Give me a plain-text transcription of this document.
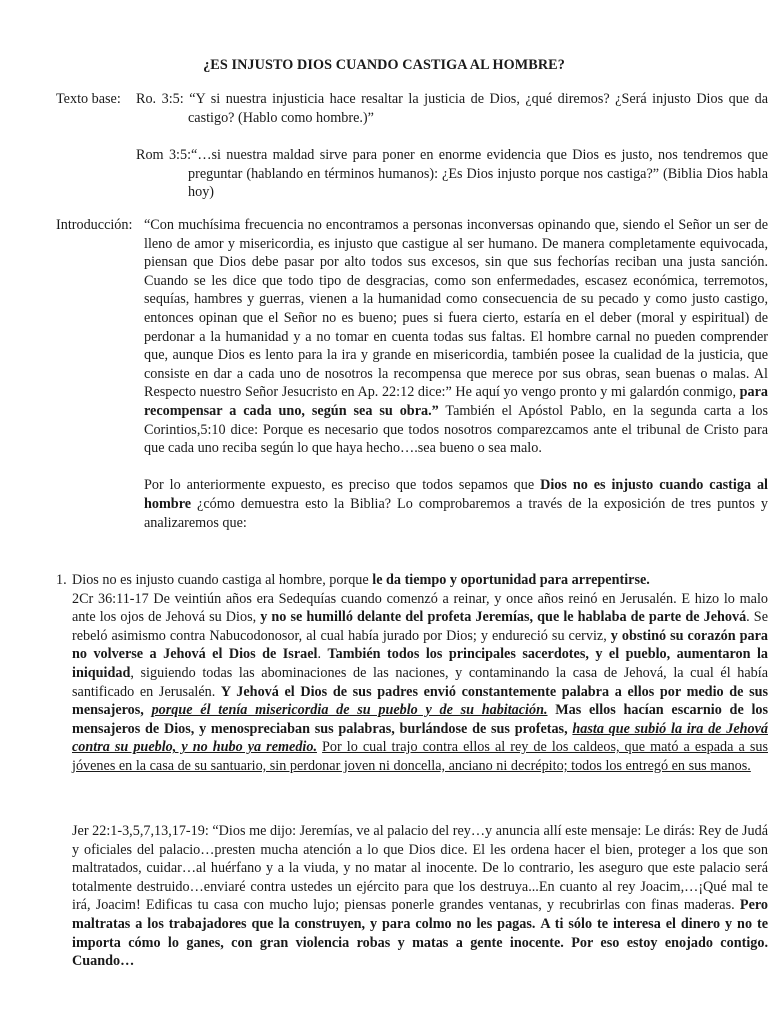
¿ES INJUSTO DIOS CUANDO CASTIGA AL HOMBRE?
Texto base: Ro. 3:5: “Y si nuestra injusticia hace resaltar la justicia de Dios, ¿qué diremos? ¿Será injusto Dios que da castigo? (Hablo como hombre.)”

Rom 3:5:“…si nuestra maldad sirve para poner en enorme evidencia que Dios es justo, nos tendremos que preguntar (hablando en términos humanos): ¿Es Dios injusto porque nos castiga?” (Biblia Dios habla hoy)
Introducción: “Con muchísima frecuencia no encontramos a personas inconversas opinando que, siendo el Señor un ser de lleno de amor y misericordia, es injusto que castigue al ser humano. De manera completamente equivocada, piensan que Dios debe pasar por alto todos sus excesos, sin que sus fechorías reciban una justa sanción. Cuando se les dice que todo tipo de desgracias, como son enfermedades, escasez económica, terremotos, sequías, hambres y guerras, vienen a la humanidad como consecuencia de su pecado y como justo castigo, entonces opinan que el Señor no es bueno; pues si fuera cierto, estaría en el deber (moral y espiritual) de perdonar a la humanidad y a no tomar en cuenta todas sus faltas. El hombre carnal no pueden comprender que, aunque Dios es lento para la ira y grande en misericordia, también posee la cualidad de la justicia, que consiste en dar a cada uno de nosotros la recompensa que merece por sus obras, sean buenas o malas. Al Respecto nuestro Señor Jesucristo en Ap. 22:12 dice:” He aquí yo vengo pronto y mi galardón conmigo, para recompensar a cada uno, según sea su obra.” También el Apóstol Pablo, en la segunda carta a los Corintios,5:10 dice: Porque es necesario que todos nosotros comparezcamos ante el tribunal de Cristo para que cada uno reciba según lo que haya hecho….sea bueno o sea malo.

Por lo anteriormente expuesto, es preciso que todos sepamos que Dios no es injusto cuando castiga al hombre ¿cómo demuestra esto la Biblia? Lo comprobaremos a través de la exposición de tres puntos y analizaremos que:

1. Dios no es injusto cuando castiga al hombre, porque le da tiempo y oportunidad para arrepentirse.

2Cr 36:11-17 De veintiún años era Sedequías cuando comenzó a reinar, y once años reinó en Jerusalén. E hizo lo malo ante los ojos de Jehová su Dios, y no se humilló delante del profeta Jeremías, que le hablaba de parte de Jehová. Se rebeló asimismo contra Nabucodonosor, al cual había jurado por Dios; y endureció su cerviz, y obstinó su corazón para no volverse a Jehová el Dios de Israel. También todos los principales sacerdotes, y el pueblo, aumentaron la iniquidad, siguiendo todas las abominaciones de las naciones, y contaminando la casa de Jehová, la cual él había santificado en Jerusalén. Y Jehová el Dios de sus padres envió constantemente palabra a ellos por medio de sus mensajeros, porque él tenía misericordia de su pueblo y de su habitación. Mas ellos hacían escarnio de los mensajeros de Dios, y menospreciaban sus palabras, burlándose de sus profetas, hasta que subió la ira de Jehová contra su pueblo, y no hubo ya remedio. Por lo cual trajo contra ellos al rey de los caldeos, que mató a espada a sus jóvenes en la casa de su santuario, sin perdonar joven ni doncella, anciano ni decrépito; todos los entregó en sus manos.

Jer 22:1-3,5,7,13,17-19: “Dios me dijo: Jeremías, ve al palacio del rey…y anuncia allí este mensaje: Le dirás: Rey de Judá y oficiales del palacio…presten mucha atención a lo que Dios dice. El les ordena hacer el bien, proteger a los que son maltratados, cuidar…al huérfano y a la viuda, y no matar al inocente. De lo contrario, les aseguro que este palacio será totalmente destruido…enviaré contra ustedes un ejército para que los destruya...En cuanto al rey Joacim,…¡Qué mal te irá, Joacim! Edificas tu casa con mucho lujo; piensas ponerle grandes ventanas, y recubrirlas con finas maderas. Pero maltratas a los trabajadores que la construyen, y para colmo no les pagas. A ti sólo te interesa el dinero y no te importa cómo lo ganes, con gran violencia robas y matas a gente inocente. Por eso estoy enojado contigo. Cuando…
